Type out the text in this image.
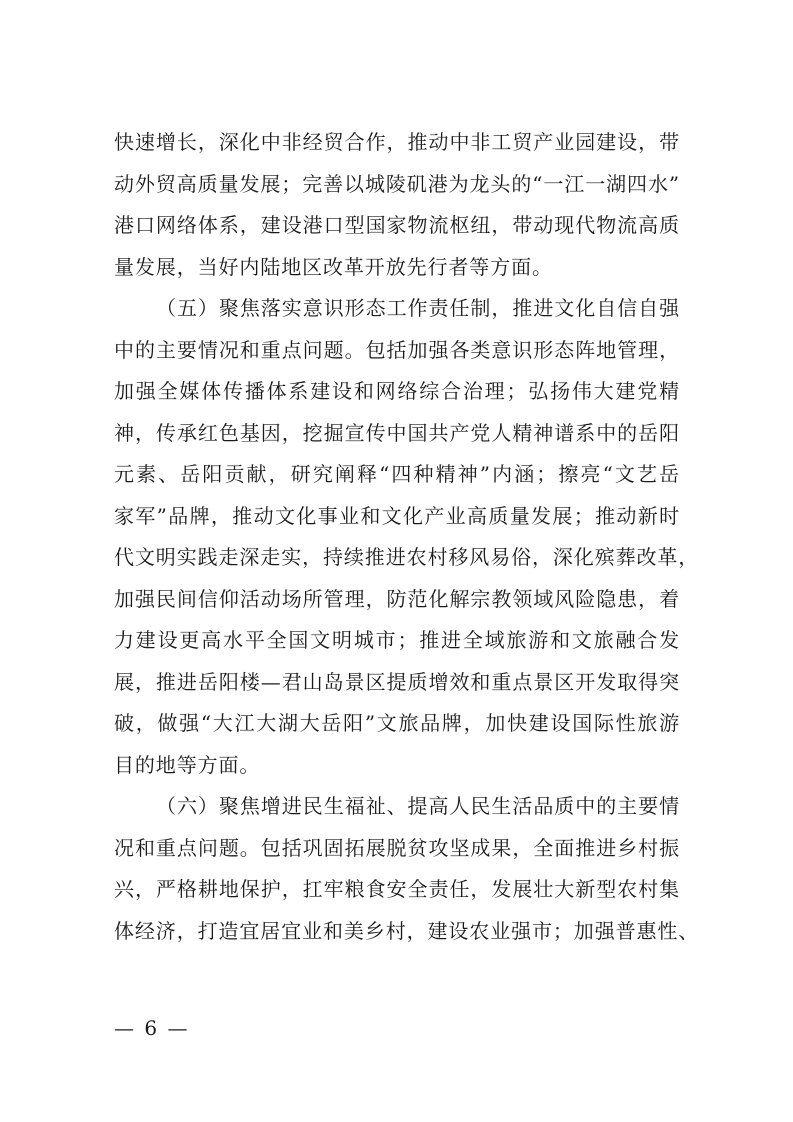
快速增长，深化中非经贸合作，推动中非工贸产业园建设，带
动外贸高质量发展；完善以城陵矶港为龙头的“一江一湖四水”
港口网络体系，建设港口型国家物流枢纽，带动现代物流高质
量发展，当好内陆地区改革开放先行者等方面。
（五）聚焦落实意识形态工作责任制，推进文化自信自强
中的主要情况和重点问题。包括加强各类意识形态阵地管理，
加强全媒体传播体系建设和网络综合治理；弘扬伟大建党精
神，传承红色基因，挖掘宣传中国共产党人精神谱系中的岳阳
元素、岳阳贡献，研究阐释“四种精神”内涵；擦亮“文艺岳
家军”品牌，推动文化事业和文化产业高质量发展；推动新时
代文明实践走深走实，持续推进农村移风易俗，深化殡葬改革，
加强民间信仰活动场所管理，防范化解宗教领域风险隐患，着
力建设更高水平全国文明城市；推进全域旅游和文旅融合发
展，推进岳阳楼—君山岛景区提质增效和重点景区开发取得突
破，做强“大江大湖大岳阳”文旅品牌，加快建设国际性旅游
目的地等方面。
（六）聚焦增进民生福祉、提高人民生活品质中的主要情
况和重点问题。包括巩固拓展脱贫攻坚成果，全面推进乡村振
兴，严格耕地保护，扛牢粮食安全责任，发展壮大新型农村集
体经济，打造宜居宜业和美乡村，建设农业强市；加强普惠性、
— 6 —
